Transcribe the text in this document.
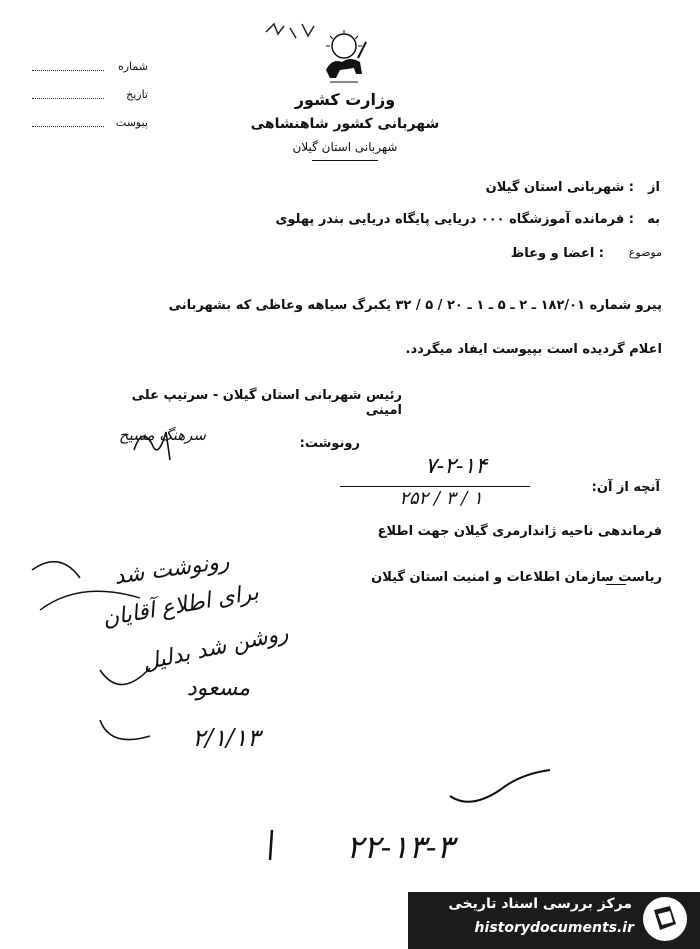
شماره
تاریخ
پیوست
وزارت کشور
شهربانی کشور شاهنشاهی
شهربانی استان گیلان
از
: شهربانی استان گیلان
به
: فرمانده آموزشگاه ۰۰۰ دریایی پایگاه دریایی بندر پهلوی
موضوع
: اعضا و وعاظ
پیرو شماره ۱۸۲/۰۱ ـ ۲ ـ ۵ ـ ۱ ـ ۲۰ / ۵ / ۳۲ یکبرگ سیاهه وعاظی که بشهربانی
اعلام گردیده است بپیوست ایفاد میگردد.
رئیس شهربانی استان گیلان - سرتیپ علی امینی
سرهنگ مسیح	رونوشت:
۷-۲-۱۴
۲۵۲ / ۳ / ۱
آنچه از آن:
فرماندهی ناحیه ژاندارمری گیلان جهت اطلاع
ریاست سازمان اطلاعات و امنیت استان گیلان
رونوشت شد
برای اطلاع آقایان
روشن شد بدلیل
مسعود
۲/۱/۱۳
۲۲-۱۳-۳
مرکز بررسی اسناد تاریخی
historydocuments.ir
